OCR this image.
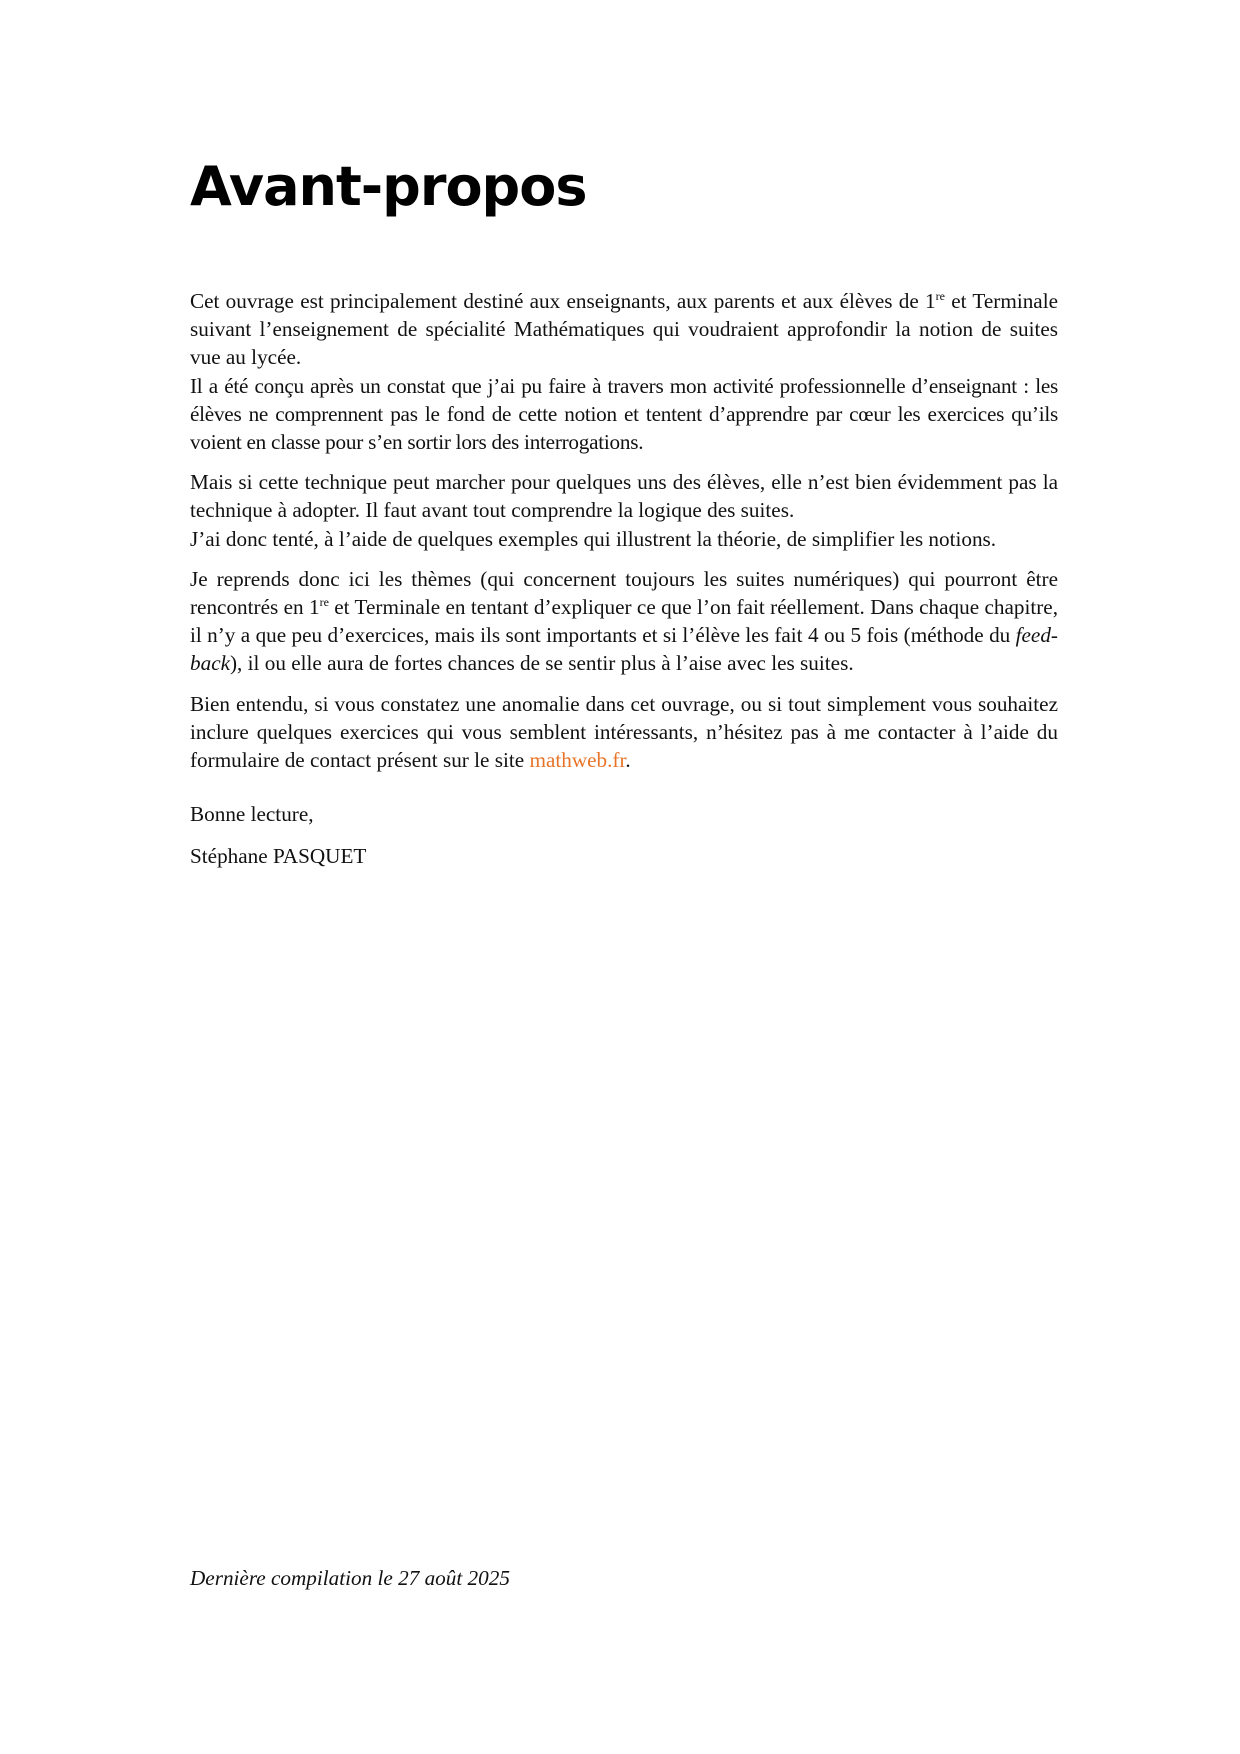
Avant-propos

Cet ouvrage est principalement destiné aux enseignants, aux parents et aux élèves de 1re et Terminale suivant l’enseignement de spécialité Mathématiques qui voudraient approfondir la notion de suites vue au lycée.

Il a été conçu après un constat que j’ai pu faire à travers mon activité professionnelle d’enseignant : les élèves ne comprennent pas le fond de cette notion et tentent d’apprendre par cœur les exercices qu’ils voient en classe pour s’en sortir lors des interrogations.

Mais si cette technique peut marcher pour quelques uns des élèves, elle n’est bien évidemment pas la technique à adopter. Il faut avant tout comprendre la logique des suites.

J’ai donc tenté, à l’aide de quelques exemples qui illustrent la théorie, de simplifier les notions.

Je reprends donc ici les thèmes (qui concernent toujours les suites numériques) qui pourront être rencontrés en 1re et Terminale en tentant d’expliquer ce que l’on fait réellement. Dans chaque chapitre, il n’y a que peu d’exercices, mais ils sont importants et si l’élève les fait 4 ou 5 fois (méthode du feed-back), il ou elle aura de fortes chances de se sentir plus à l’aise avec les suites.

Bien entendu, si vous constatez une anomalie dans cet ouvrage, ou si tout simplement vous souhaitez inclure quelques exercices qui vous semblent intéressants, n’hésitez pas à me contacter à l’aide du formulaire de contact présent sur le site mathweb.fr.

Bonne lecture,

Stéphane PASQUET

Dernière compilation le 27 août 2025
